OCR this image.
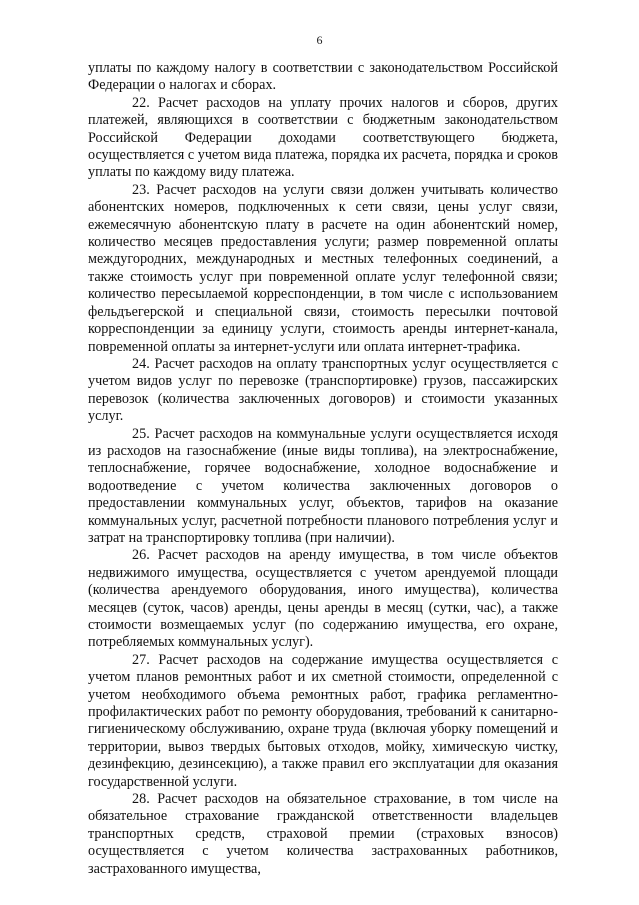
6

уплаты по каждому налогу в соответствии с законодательством Российской Федерации о налогах и сборах.

22. Расчет расходов на уплату прочих налогов и сборов, других платежей, являющихся в соответствии с бюджетным законодательством Российской Федерации доходами соответствующего бюджета, осуществляется с учетом вида платежа, порядка их расчета, порядка и сроков уплаты по каждому виду платежа.

23. Расчет расходов на услуги связи должен учитывать количество абонентских номеров, подключенных к сети связи, цены услуг связи, ежемесячную абонентскую плату в расчете на один абонентский номер, количество месяцев предоставления услуги; размер повременной оплаты междугородних, международных и местных телефонных соединений, а также стоимость услуг при повременной оплате услуг телефонной связи; количество пересылаемой корреспонденции, в том числе с использованием фельдъегерской и специальной связи, стоимость пересылки почтовой корреспонденции за единицу услуги, стоимость аренды интернет-канала, повременной оплаты за интернет-услуги или оплата интернет-трафика.

24. Расчет расходов на оплату транспортных услуг осуществляется с учетом видов услуг по перевозке (транспортировке) грузов, пассажирских перевозок (количества заключенных договоров) и стоимости указанных услуг.

25. Расчет расходов на коммунальные услуги осуществляется исходя из расходов на газоснабжение (иные виды топлива), на электроснабжение, теплоснабжение, горячее водоснабжение, холодное водоснабжение и водоотведение с учетом количества заключенных договоров о предоставлении коммунальных услуг, объектов, тарифов на оказание коммунальных услуг, расчетной потребности планового потребления услуг и затрат на транспортировку топлива (при наличии).

26. Расчет расходов на аренду имущества, в том числе объектов недвижимого имущества, осуществляется с учетом арендуемой площади (количества арендуемого оборудования, иного имущества), количества месяцев (суток, часов) аренды, цены аренды в месяц (сутки, час), а также стоимости возмещаемых услуг (по содержанию имущества, его охране, потребляемых коммунальных услуг).

27. Расчет расходов на содержание имущества осуществляется с учетом планов ремонтных работ и их сметной стоимости, определенной с учетом необходимого объема ремонтных работ, графика регламентно-профилактических работ по ремонту оборудования, требований к санитарно-гигиеническому обслуживанию, охране труда (включая уборку помещений и территории, вывоз твердых бытовых отходов, мойку, химическую чистку, дезинфекцию, дезинсекцию), а также правил его эксплуатации для оказания государственной услуги.

28. Расчет расходов на обязательное страхование, в том числе на обязательное страхование гражданской ответственности владельцев транспортных средств, страховой премии (страховых взносов) осуществляется с учетом количества застрахованных работников, застрахованного имущества,
